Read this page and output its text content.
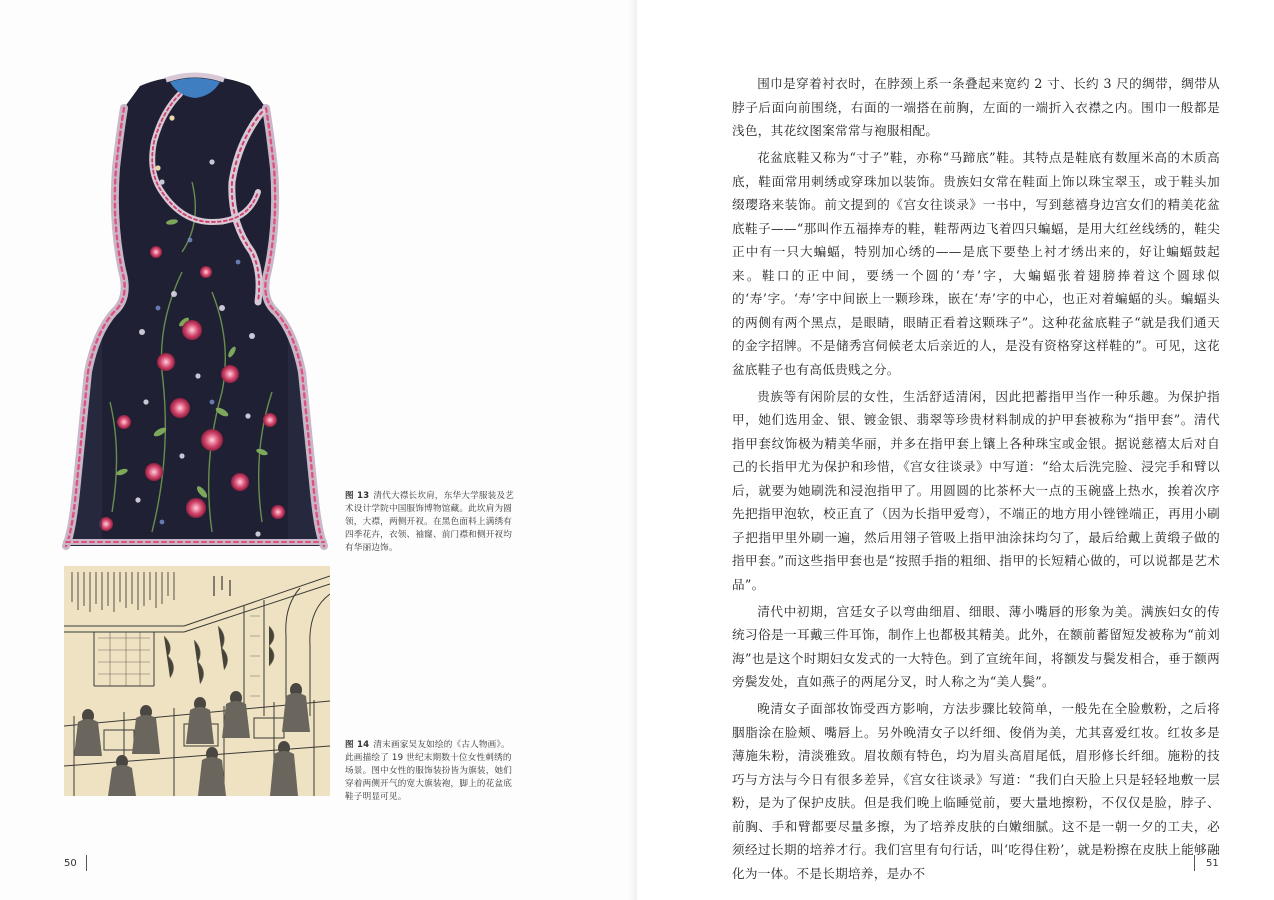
图 13 清代大襟长坎肩，东华大学服装及艺术设计学院中国服饰博物馆藏。此坎肩为圆领，大襟，两侧开衩。在黑色面料上满绣有四季花卉，衣领、袖窿、前门襟和侧开衩均有华丽边饰。
图 14 清末画家吴友如绘的《古人物画》。此画描绘了 19 世纪末期数十位女性刺绣的场景。图中女性的服饰装扮皆为旗装，她们穿着两侧开气的宽大旗装袍，脚上的花盆底鞋子明显可见。
50	51

围巾是穿着衬衣时，在脖颈上系一条叠起来宽约 2 寸、长约 3 尺的绸带，绸带从脖子后面向前围绕，右面的一端搭在前胸，左面的一端折入衣襟之内。围巾一般都是浅色，其花纹图案常常与袍服相配。

花盆底鞋又称为“寸子”鞋，亦称“马蹄底”鞋。其特点是鞋底有数厘米高的木质高底，鞋面常用刺绣或穿珠加以装饰。贵族妇女常在鞋面上饰以珠宝翠玉，或于鞋头加缀璎珞来装饰。前文提到的《宫女往谈录》一书中，写到慈禧身边宫女们的精美花盆底鞋子——“那叫作五福捧寿的鞋，鞋帮两边飞着四只蝙蝠，是用大红丝线绣的，鞋尖正中有一只大蝙蝠，特别加心绣的——是底下要垫上衬才绣出来的，好让蝙蝠鼓起来。鞋口的正中间，要绣一个圆的‘寿’字，大蝙蝠张着翅膀捧着这个圆球似的‘寿’字。‘寿’字中间嵌上一颗珍珠，嵌在‘寿’字的中心，也正对着蝙蝠的头。蝙蝠头的两侧有两个黑点，是眼睛，眼睛正看着这颗珠子”。这种花盆底鞋子“就是我们通天的金字招牌。不是储秀宫伺候老太后亲近的人，是没有资格穿这样鞋的”。可见，这花盆底鞋子也有高低贵贱之分。

贵族等有闲阶层的女性，生活舒适清闲，因此把蓄指甲当作一种乐趣。为保护指甲，她们选用金、银、镀金银、翡翠等珍贵材料制成的护甲套被称为“指甲套”。清代指甲套纹饰极为精美华丽，并多在指甲套上镶上各种珠宝或金银。据说慈禧太后对自己的长指甲尤为保护和珍惜，《宫女往谈录》中写道：“给太后洗完脸、浸完手和臂以后，就要为她刷洗和浸泡指甲了。用圆圆的比茶杯大一点的玉碗盛上热水，挨着次序先把指甲泡软，校正直了（因为长指甲爱弯），不端正的地方用小锉锉端正，再用小刷子把指甲里外刷一遍，然后用翎子管吸上指甲油涂抹均匀了，最后给戴上黄缎子做的指甲套。”而这些指甲套也是“按照手指的粗细、指甲的长短精心做的，可以说都是艺术品”。

清代中初期，宫廷女子以弯曲细眉、细眼、薄小嘴唇的形象为美。满族妇女的传统习俗是一耳戴三件耳饰，制作上也都极其精美。此外，在额前蓄留短发被称为“前刘海”也是这个时期妇女发式的一大特色。到了宣统年间，将额发与鬓发相合，垂于额两旁鬓发处，直如燕子的两尾分叉，时人称之为“美人鬓”。

晚清女子面部妆饰受西方影响，方法步骤比较简单，一般先在全脸敷粉，之后将胭脂涂在脸颊、嘴唇上。另外晚清女子以纤细、俊俏为美，尤其喜爱红妆。红妆多是薄施朱粉，清淡雅致。眉妆颇有特色，均为眉头高眉尾低，眉形修长纤细。施粉的技巧与方法与今日有很多差异，《宫女往谈录》写道：“我们白天脸上只是轻轻地敷一层粉，是为了保护皮肤。但是我们晚上临睡觉前，要大量地擦粉，不仅仅是脸，脖子、前胸、手和臂都要尽量多擦，为了培养皮肤的白嫩细腻。这不是一朝一夕的工夫，必须经过长期的培养才行。我们宫里有句行话，叫‘吃得住粉’，就是粉擦在皮肤上能够融化为一体。不是长期培养，是办不
